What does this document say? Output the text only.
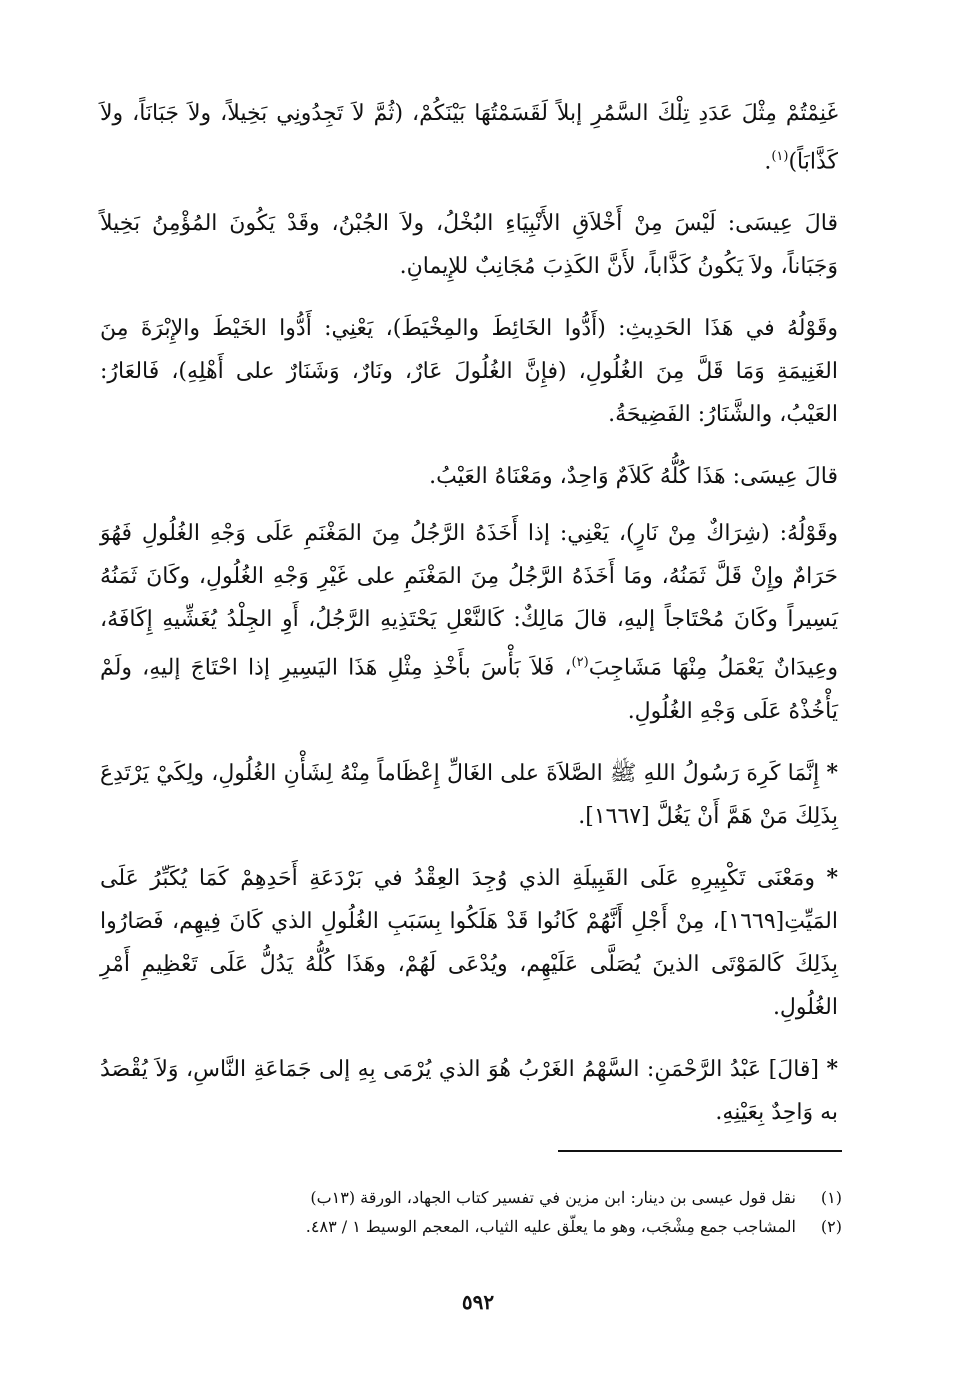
غَنِمْتُمْ مِثْلَ عَدَدِ تِلْكَ السَّمُرِ إبلاً لَقَسَمْتُهَا بَيْنَكُمْ، (ثُمَّ لاَ تَجِدُونِي بَخِيلاً، ولاَ جَبَانَاً، ولاَ كَذَّابَاً)$^{(١)}$.

قالَ عِيسَى: لَيْسَ مِنْ أَخْلاَقِ الأَنْبِيَاءِ البُخْلُ، ولاَ الجُبْنُ، وقَدْ يَكُونَ المُؤْمِنُ بَخِيلاً وَجَبَاناً، ولاَ يَكُونُ كَذَّاباً، لأَنَّ الكَذِبَ مُجَانِبٌ للإِيمانِ.

وقَوْلُهُ في هَذَا الحَدِيثِ: (أَدُّوا الخَائِطَ والمِخْيَطَ)، يَعْنِي: أَدُّوا الخَيْطَ والإِبْرَةَ مِنَ الغَنِيمَةِ وَمَا قَلَّ مِنَ الغُلُولِ، (فإِنَّ الغُلُولَ عَارٌ، ونَارٌ، وَشَنَارٌ على أَهْلِهِ)، فَالعَارُ: العَيْبُ، والشَّنَارُ: الفَضِيحَةُ.

قالَ عِيسَى: هَذَا كُلُّهُ كَلاَمٌ وَاحِدٌ، ومَعْنَاهُ العَيْبُ.

وقَوْلُهُ: (شِرَاكٌ مِنْ نَارٍ)، يَعْنِي: إذا أَخَذَهُ الرَّجُلُ مِنَ المَغْنَمِ عَلَى وَجْهِ الغُلُولِ فَهُوَ حَرَامٌ وإِنْ قَلَّ ثَمَنُهُ، ومَا أَخَذَهُ الرَّجُلُ مِنَ المَغْنَمِ على غَيْرِ وَجْهِ الغُلُولِ، وكَانَ ثَمَنُهُ يَسِيراً وكَانَ مُحْتَاجاً إليهِ، قالَ مَالِكٌ: كَالنَّعْلِ يَحْتَذِيهِ الرَّجُلُ، أَوِ الجِلْدُ يُغَشِّيهِ إِكَافَهُ، وعِيدَانٌ يَعْمَلُ مِنْهَا مَشَاجِبَ$^{(٢)}$، فَلاَ بَأْسَ بأَخْذِ مِثْلِ هَذَا اليَسِيرِ إذا احْتَاجَ إليهِ، ولَمْ يَأْخُذْهُ عَلَى وَجْهِ الغُلُولِ.

* إِنَّمَا كَرِهَ رَسُولُ اللهِ ﷺ الصَّلاَةَ على الغَالِّ إِعْظَاماً مِنْهُ لِشَأْنِ الغُلُولِ، ولِكَيْ يَرْتَدِعَ بِذَلِكَ مَنْ هَمَّ أَنْ يَغُلَّ [١٦٦٧].

* ومَعْنَى تَكْبِيرِهِ عَلَى القَبِيلَةِ الذي وُجِدَ العِقْدُ في بَرْدَعَةِ أَحَدِهِمْ كَمَا يُكَبِّرُ عَلَى المَيِّتِ[١٦٦٩]، مِنْ أَجْلِ أَنَّهُمْ كَانُوا قَدْ هَلَكُوا بِسَبَبِ الغُلُولِ الذي كَانَ فِيهِم، فَصَارُوا بِذَلِكَ كَالمَوْتَى الذينَ يُصَلَّى عَلَيْهِم، ويُدْعَى لَهُمْ، وهَذَا كُلُّهُ يَدُلُّ عَلَى تَعْظِيمِ أَمْرِ الغُلُولِ.

* [قالَ] عَبْدُ الرَّحْمَنِ: السَّهْمُ الغَرْبُ هُوَ الذي يُرْمَى بِهِ إلى جَمَاعَةِ النَّاسِ، وَلاَ يُقْصَدُ به وَاحِدٌ بِعَيْنِهِ.

(١)
نقل قول عيسى بن دينار: ابن مزين في تفسير كتاب الجهاد، الورقة (١٣ب)
(٢)
المشاجب جمع مِشْجَب، وهو ما يعلّق عليه الثياب، المعجم الوسيط ١ / ٤٨٣.
٥٩٢
